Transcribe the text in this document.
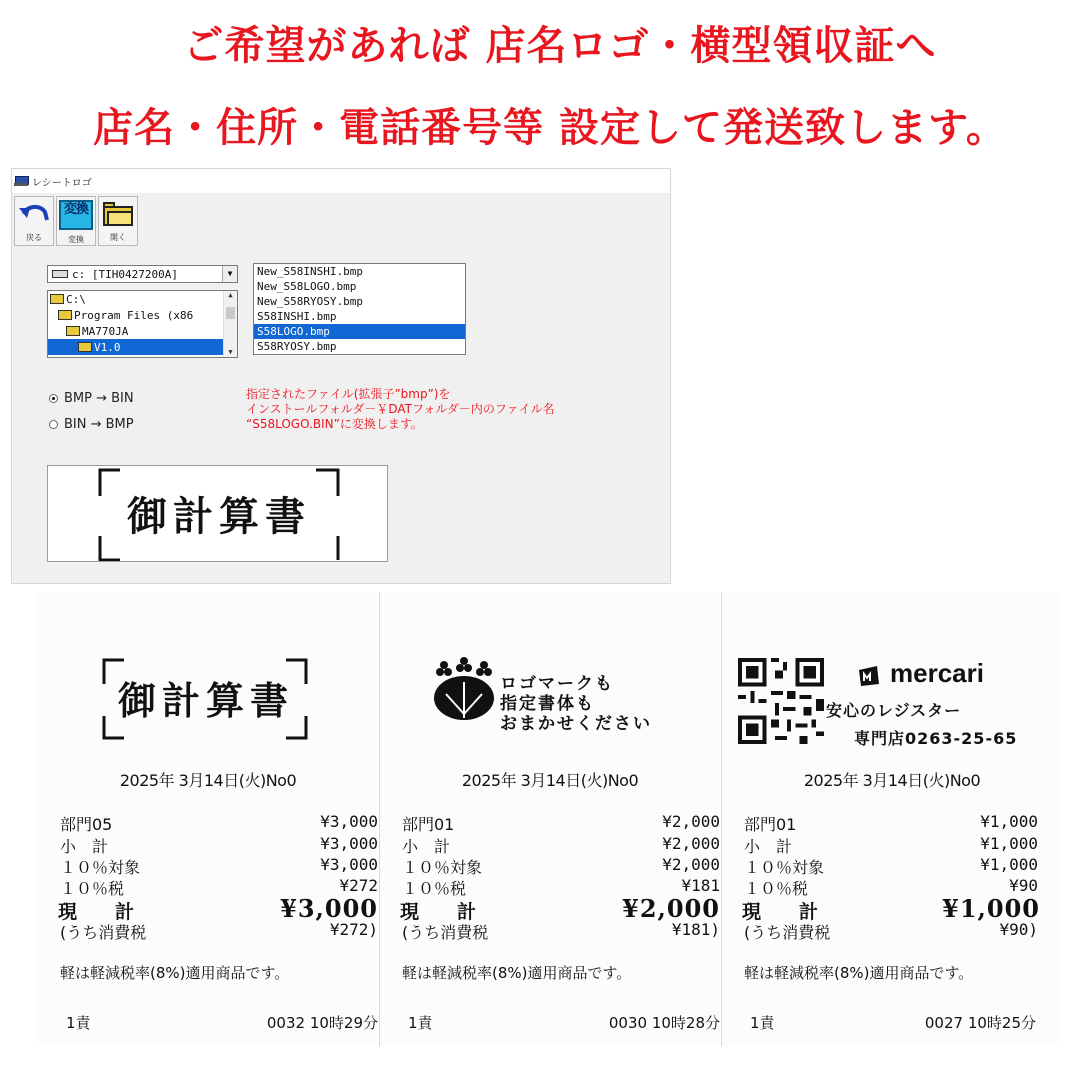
ご希望があれば 店名ロゴ・横型領収証へ
店名・住所・電話番号等 設定して発送致します。
レシートロゴ
戻る
変換
変換	開く
c: [TIH0427200A]	▼
C:\
Program Files (x86
MA770JA
V1.0
▲
▼
New_S58INSHI.bmp
New_S58LOGO.bmp
New_S58RYOSY.bmp
S58INSHI.bmp
S58LOGO.bmp
S58RYOSY.bmp
BMP → BIN
BIN → BMP
指定されたファイル(拡張子”bmp”)を
インストールフォルダ－￥DATフォルダ－内のファイル名
“S58LOGO.BIN”に変換します。
御計算書
御計算書
2025年 3月14日(火)No0
部門05	¥3,000
小　計	¥3,000
１０％対象	¥3,000
１０％税	¥272
現　　計	¥3,000
(うち消費税	¥272)
軽は軽減税率(8%)適用商品です。
1責	0032 10時29分
ロゴマークも
指定書体も
おまかせください
2025年 3月14日(火)No0
部門01	¥2,000
小　計	¥2,000
１０％対象	¥2,000
１０％税	¥181
現　　計	¥2,000
(うち消費税	¥181)
軽は軽減税率(8%)適用商品です。
1責	0030 10時28分
mercari
安心のレジスター
専門店0263-25-65
2025年 3月14日(火)No0
部門01	¥1,000
小　計	¥1,000
１０％対象	¥1,000
１０％税	¥90
現　　計	¥1,000
(うち消費税	¥90)
軽は軽減税率(8%)適用商品です。
1責	0027 10時25分
